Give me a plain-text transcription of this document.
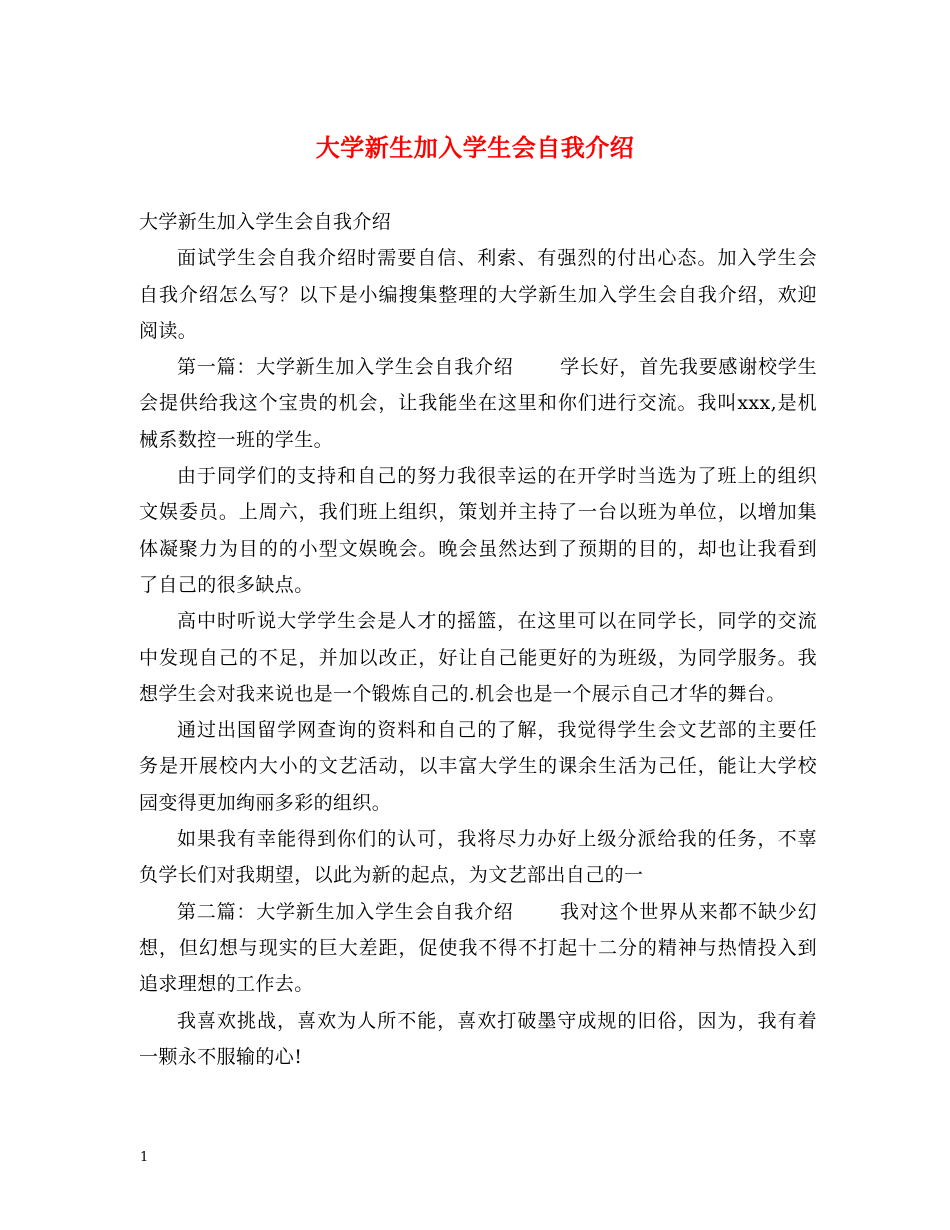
大学新生加入学生会自我介绍

大学新生加入学生会自我介绍

面试学生会自我介绍时需要自信、利索、有强烈的付出心态。加入学生会自我介绍怎么写？以下是小编搜集整理的大学新生加入学生会自我介绍，欢迎阅读。

第一篇：大学新生加入学生会自我介绍 学长好，首先我要感谢校学生会提供给我这个宝贵的机会，让我能坐在这里和你们进行交流。我叫xxx,是机械系数控一班的学生。

由于同学们的支持和自己的努力我很幸运的在开学时当选为了班上的组织文娱委员。上周六，我们班上组织，策划并主持了一台以班为单位，以增加集体凝聚力为目的的小型文娱晚会。晚会虽然达到了预期的目的，却也让我看到了自己的很多缺点。

高中时听说大学学生会是人才的摇篮，在这里可以在同学长，同学的交流中发现自己的不足，并加以改正，好让自己能更好的为班级，为同学服务。我想学生会对我来说也是一个锻炼自己的.机会也是一个展示自己才华的舞台。

通过出国留学网查询的资料和自己的了解，我觉得学生会文艺部的主要任务是开展校内大小的文艺活动，以丰富大学生的课余生活为己任，能让大学校园变得更加绚丽多彩的组织。

如果我有幸能得到你们的认可，我将尽力办好上级分派给我的任务，不辜负学长们对我期望，以此为新的起点，为文艺部出自己的一

第二篇：大学新生加入学生会自我介绍 我对这个世界从来都不缺少幻想，但幻想与现实的巨大差距，促使我不得不打起十二分的精神与热情投入到追求理想的工作去。

我喜欢挑战，喜欢为人所不能，喜欢打破墨守成规的旧俗，因为，我有着一颗永不服输的心!

1
